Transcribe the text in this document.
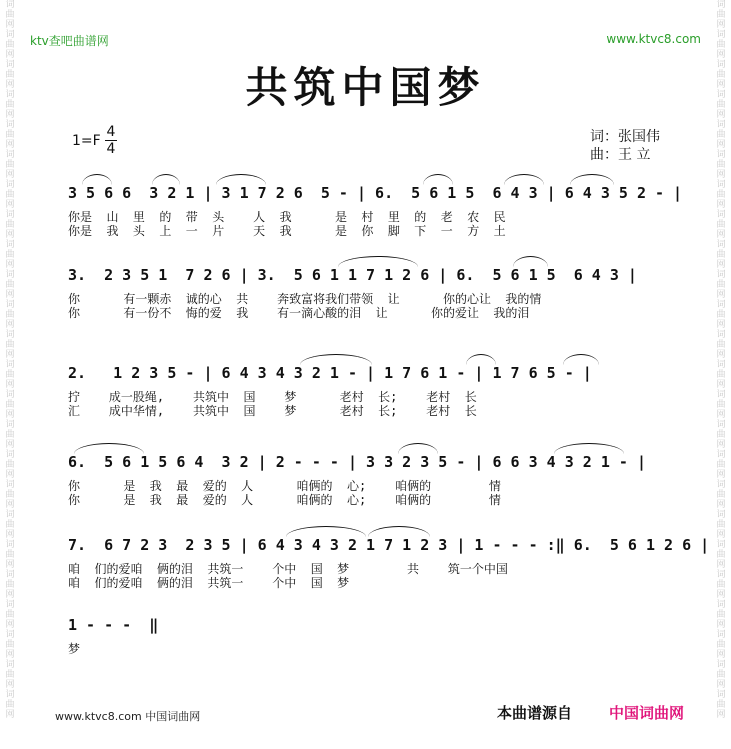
词曲网词曲网词曲网词曲网词曲网词曲网词曲网词曲网词曲网词曲网词曲网词曲网词曲网词曲网词曲网词曲网词曲网词曲网词曲网词曲网词曲网词曲网词曲网词曲网
词曲网词曲网词曲网词曲网词曲网词曲网词曲网词曲网词曲网词曲网词曲网词曲网词曲网词曲网词曲网词曲网词曲网词曲网词曲网词曲网词曲网词曲网词曲网词曲网
ktv查吧曲谱网	www.ktvc8.com
共筑中国梦
1=F
4
4
词：张国伟
曲：王 立
3 5 6 6  3 2 1 | 3 1 7 2 6  5 - | 6.  5 6 1 5  6 4 3 | 6 4 3 5 2 - |
你是  山  里  的  带  头    人  我      是  村  里  的  老  农  民
你是  我  头  上  一  片    天  我      是  你  脚  下  一  方  土
3.  2 3 5 1  7 2 6 | 3.  5 6 1 1 7 1 2 6 | 6.  5 6 1 5  6 4 3 |
你      有一颗赤  诚的心  共    奔致富将我们带领  让      你的心让  我的情
你      有一份不  悔的爱  我    有一滴心酸的泪  让      你的爱让  我的泪
2.   1 2 3 5 - | 6 4 3 4 3 2 1 - | 1 7 6 1 - | 1 7 6 5 - |
拧    成一股绳,    共筑中  国    梦      老村  长;    老村  长
汇    成中华情,    共筑中  国    梦      老村  长;    老村  长
6.  5 6 1 5 6 4  3 2 | 2 - - - | 3 3 2 3 5 - | 6 6 3 4 3 2 1 - |
你      是  我  最  爱的  人      咱俩的  心;    咱俩的        情
你      是  我  最  爱的  人      咱俩的  心;    咱俩的        情
7.  6 7 2 3  2 3 5 | 6 4 3 4 3 2 1 7 1 2 3 | 1 - - - :‖ 6.  5 6 1 2 6 |
咱  们的爱咱  俩的泪  共筑一    个中  国  梦        共    筑一个中国
咱  们的爱咱  俩的泪  共筑一    个中  国  梦
1 - - -  ‖
梦
www.ktvc8.com 中国词曲网	本曲谱源自 中国词曲网
